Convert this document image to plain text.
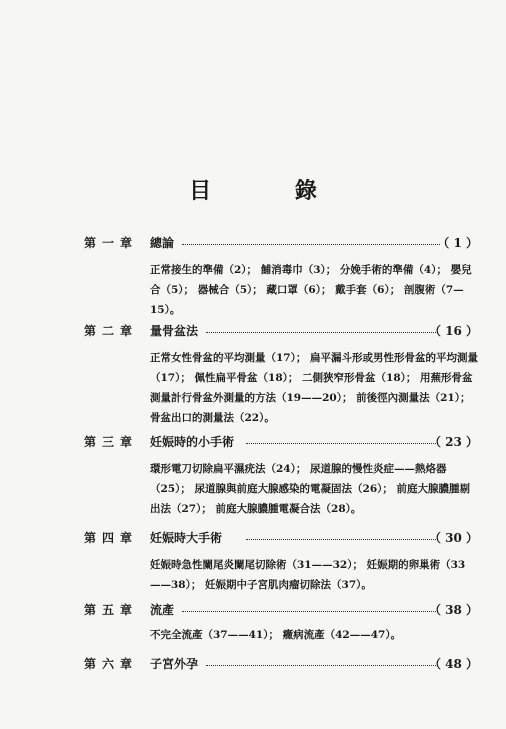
目 錄
第一章 總論	（ 1 ）
正常接生的準備（2）； 餔消毒巾（3）； 分娩手術的準備（4）； 嬰兒合（5）； 器械合（5）； 藏口罩（6）； 戴手套（6）； 剖腹術（7—15）。
第二章 量骨盆法	（ 16 ）
正常女性骨盆的平均測量（17）； 扁平漏斗形或男性形骨盆的平均測量（17）； 佩性扁平骨盆（18）； 二側狹窄形骨盆（18）； 用蕪形骨盆測量計行骨盆外測量的方法（19——20）； 前後徑內測量法（21）； 骨盆出口的測量法（22）。
第三章 妊娠時的小手術	（ 23 ）
環形電刀切除扁平濕疣法（24）； 尿道腺的慢性炎症——熱烙器（25）； 尿道腺與前庭大腺感染的電凝固法（26）； 前庭大腺膿腫剔出法（27）； 前庭大腺膿腫電凝合法（28）。
第四章 妊娠時大手術	（ 30 ）
妊娠時急性闌尾炎闌尾切除術（31——32）； 妊娠期的卵巢術（33——38）； 妊娠期中子宮肌肉瘤切除法（37）。
第五章 流產	（ 38 ）
不完全流產（37——41）； 癥病流產（42——47）。
第六章 子宮外孕	（ 48 ）
